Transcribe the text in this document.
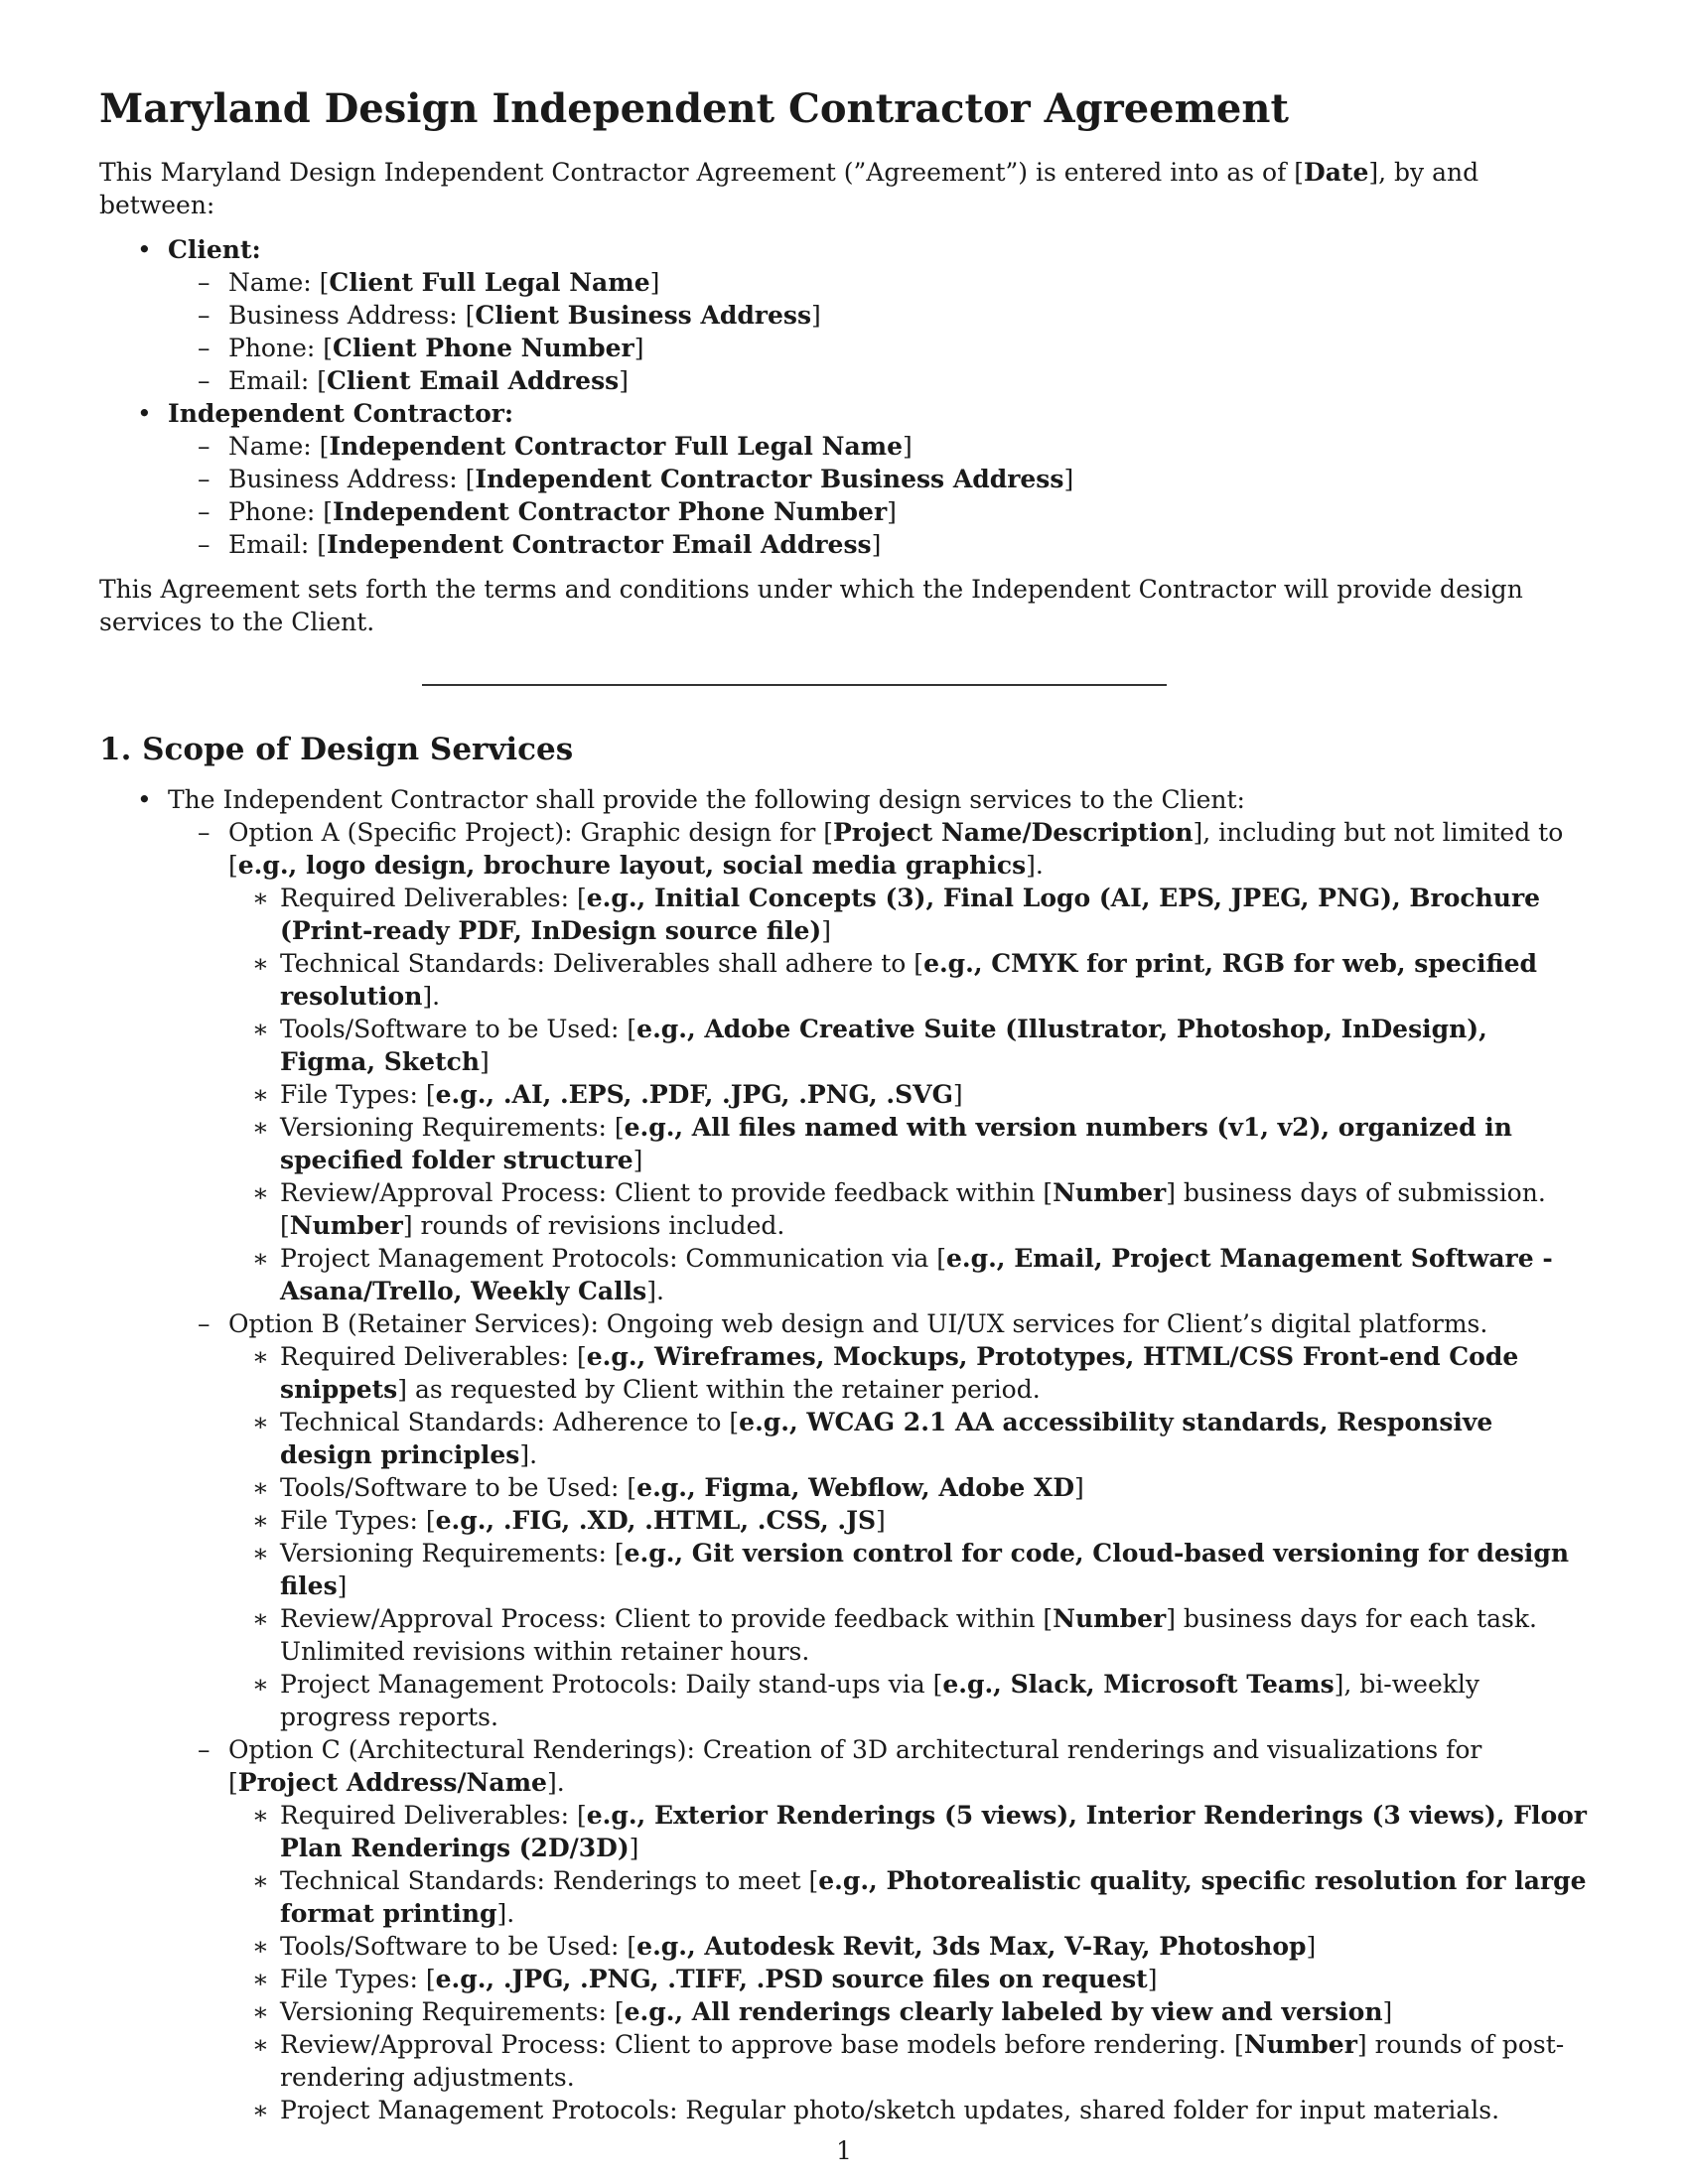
Maryland Design Independent Contractor Agreement

This Maryland Design Independent Contractor Agreement (”Agreement”) is entered into as of [Date], by and between:

• Client:
– Name: [Client Full Legal Name]
– Business Address: [Client Business Address]
– Phone: [Client Phone Number]
– Email: [Client Email Address]
• Independent Contractor:
– Name: [Independent Contractor Full Legal Name]
– Business Address: [Independent Contractor Business Address]
– Phone: [Independent Contractor Phone Number]
– Email: [Independent Contractor Email Address]

This Agreement sets forth the terms and conditions under which the Independent Contractor will provide design services to the Client.

1. Scope of Design Services
• The Independent Contractor shall provide the following design services to the Client:
– Option A (Specific Project): Graphic design for [Project Name/Description], including but not limited to [e.g., logo design, brochure layout, social media graphics].
∗ Required Deliverables: [e.g., Initial Concepts (3), Final Logo (AI, EPS, JPEG, PNG), Brochure (Print-ready PDF, InDesign source file)]
∗ Technical Standards: Deliverables shall adhere to [e.g., CMYK for print, RGB for web, specified resolution].
∗ Tools/Software to be Used: [e.g., Adobe Creative Suite (Illustrator, Photoshop, InDesign), Figma, Sketch]
∗ File Types: [e.g., .AI, .EPS, .PDF, .JPG, .PNG, .SVG]
∗ Versioning Requirements: [e.g., All files named with version numbers (v1, v2), organized in specified folder structure]
∗ Review/Approval Process: Client to provide feedback within [Number] business days of submission. [Number] rounds of revisions included.
∗ Project Management Protocols: Communication via [e.g., Email, Project Management Software - Asana/Trello, Weekly Calls].
– Option B (Retainer Services): Ongoing web design and UI/UX services for Client’s digital platforms.
∗ Required Deliverables: [e.g., Wireframes, Mockups, Prototypes, HTML/CSS Front-end Code snippets] as requested by Client within the retainer period.
∗ Technical Standards: Adherence to [e.g., WCAG 2.1 AA accessibility standards, Responsive design principles].
∗ Tools/Software to be Used: [e.g., Figma, Webflow, Adobe XD]
∗ File Types: [e.g., .FIG, .XD, .HTML, .CSS, .JS]
∗ Versioning Requirements: [e.g., Git version control for code, Cloud-based versioning for design files]
∗ Review/Approval Process: Client to provide feedback within [Number] business days for each task. Unlimited revisions within retainer hours.
∗ Project Management Protocols: Daily stand-ups via [e.g., Slack, Microsoft Teams], bi-weekly progress reports.
– Option C (Architectural Renderings): Creation of 3D architectural renderings and visualizations for [Project Address/Name].
∗ Required Deliverables: [e.g., Exterior Renderings (5 views), Interior Renderings (3 views), Floor Plan Renderings (2D/3D)]
∗ Technical Standards: Renderings to meet [e.g., Photorealistic quality, specific resolution for large format printing].
∗ Tools/Software to be Used: [e.g., Autodesk Revit, 3ds Max, V-Ray, Photoshop]
∗ File Types: [e.g., .JPG, .PNG, .TIFF, .PSD source files on request]
∗ Versioning Requirements: [e.g., All renderings clearly labeled by view and version]
∗ Review/Approval Process: Client to approve base models before rendering. [Number] rounds of post-rendering adjustments.
∗ Project Management Protocols: Regular photo/sketch updates, shared folder for input materials.
1
